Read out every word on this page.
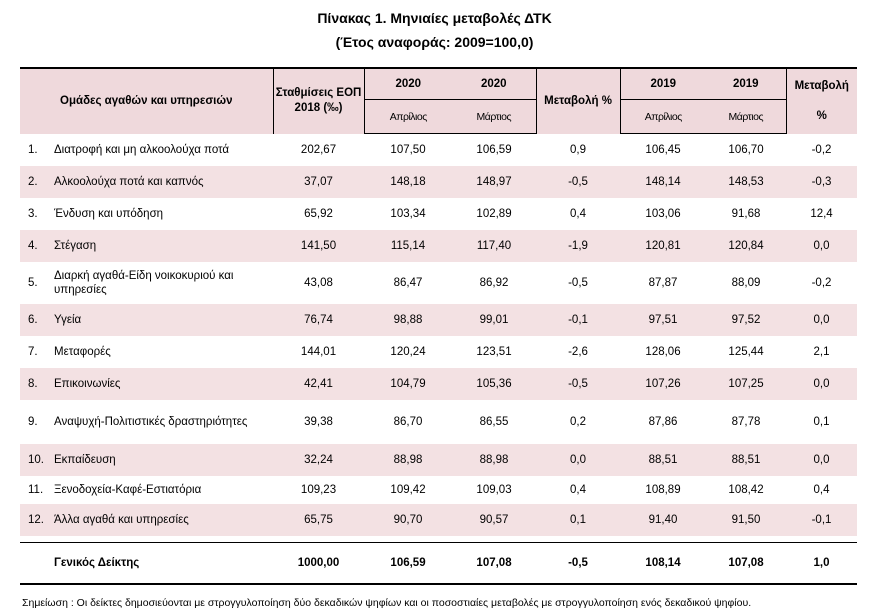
Πίνακας 1. Μηνιαίες μεταβολές ΔΤΚ
(Έτος αναφοράς: 2009=100,0)
Ομάδες αγαθών και υπηρεσιών		Σταθμίσεις ΕΟΠ 2018 (‰)	2020	2020	Μεταβολή %	2019	2019	Μεταβολή %
			Απρίλιος	Μάρτιος		Απρίλιος	Μάρτιος	
1.	Διατροφή και μη αλκοολούχα ποτά	202,67	107,50	106,59	0,9	106,45	106,70	-0,2
2.	Αλκοολούχα ποτά και καπνός	37,07	148,18	148,97	-0,5	148,14	148,53	-0,3
3.	Ένδυση και υπόδηση	65,92	103,34	102,89	0,4	103,06	91,68	12,4
4.	Στέγαση	141,50	115,14	117,40	-1,9	120,81	120,84	0,0
5.	Διαρκή αγαθά-Είδη νοικοκυριού και υπηρεσίες	43,08	86,47	86,92	-0,5	87,87	88,09	-0,2
6.	Υγεία	76,74	98,88	99,01	-0,1	97,51	97,52	0,0
7.	Μεταφορές	144,01	120,24	123,51	-2,6	128,06	125,44	2,1
8.	Επικοινωνίες	42,41	104,79	105,36	-0,5	107,26	107,25	0,0
9.	Αναψυχή-Πολιτιστικές δραστηριότητες	39,38	86,70	86,55	0,2	87,86	87,78	0,1
10.	Εκπαίδευση	32,24	88,98	88,98	0,0	88,51	88,51	0,0
11.	Ξενοδοχεία-Καφέ-Εστιατόρια	109,23	109,42	109,03	0,4	108,89	108,42	0,4
12.	Άλλα αγαθά και υπηρεσίες	65,75	90,70	90,57	0,1	91,40	91,50	-0,1

	Γενικός Δείκτης	1000,00	106,59	107,08	-0,5	108,14	107,08	1,0
Σημείωση : Οι δείκτες δημοσιεύονται με στρογγυλοποίηση δύο δεκαδικών ψηφίων και οι ποσοστιαίες μεταβολές με στρογγυλοποίηση ενός δεκαδικού ψηφίου.
